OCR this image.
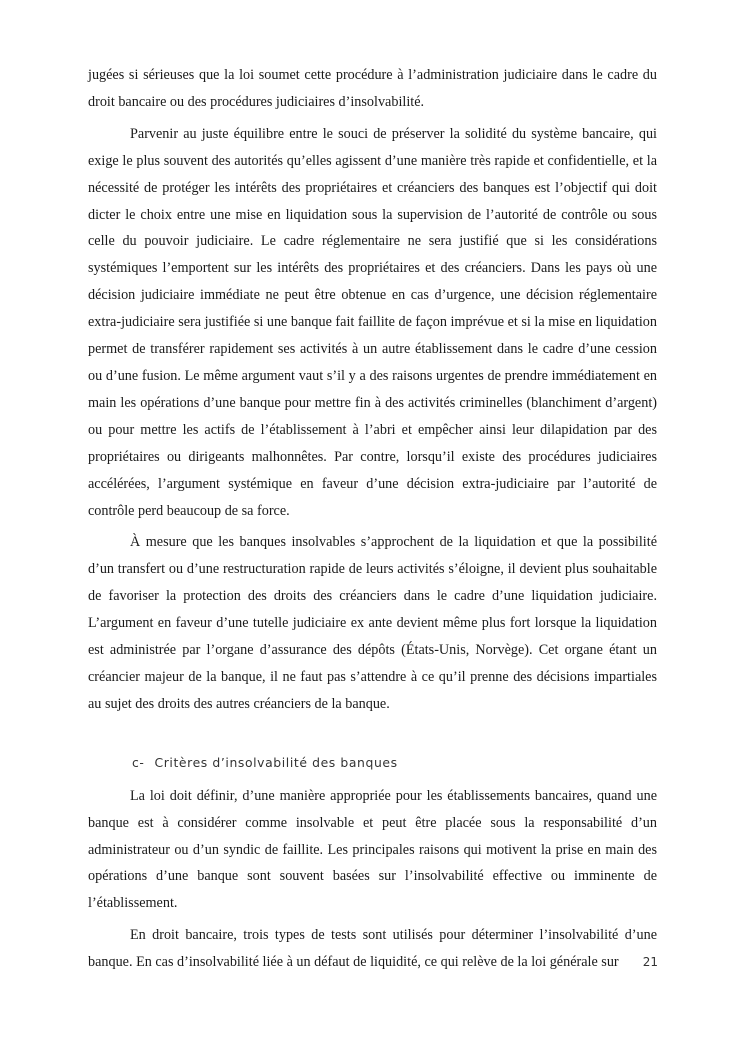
jugées si sérieuses que la loi soumet cette procédure à l’administration judiciaire dans le cadre du droit bancaire ou des procédures judiciaires d’insolvabilité.

Parvenir au juste équilibre entre le souci de préserver la solidité du système bancaire, qui exige le plus souvent des autorités qu’elles agissent d’une manière très rapide et confidentielle, et la nécessité de protéger les intérêts des propriétaires et créanciers des banques est l’objectif qui doit dicter le choix entre une mise en liquidation sous la supervision de l’autorité de contrôle ou sous celle du pouvoir judiciaire. Le cadre réglementaire ne sera justifié que si les considérations systémiques l’emportent sur les intérêts des propriétaires et des créanciers. Dans les pays où une décision judiciaire immédiate ne peut être obtenue en cas d’urgence, une décision réglementaire extra-judiciaire sera justifiée si une banque fait faillite de façon imprévue et si la mise en liquidation permet de transférer rapidement ses activités à un autre établissement dans le cadre d’une cession ou d’une fusion. Le même argument vaut s’il y a des raisons urgentes de prendre immédiatement en main les opérations d’une banque pour mettre fin à des activités criminelles (blanchiment d’argent) ou pour mettre les actifs de l’établissement à l’abri et empêcher ainsi leur dilapidation par des propriétaires ou dirigeants malhonnêtes. Par contre, lorsqu’il existe des procédures judiciaires accélérées, l’argument systémique en faveur d’une décision extra-judiciaire par l’autorité de contrôle perd beaucoup de sa force.

À mesure que les banques insolvables s’approchent de la liquidation et que la possibilité d’un transfert ou d’une restructuration rapide de leurs activités s’éloigne, il devient plus souhaitable de favoriser la protection des droits des créanciers dans le cadre d’une liquidation judiciaire. L’argument en faveur d’une tutelle judiciaire ex ante devient même plus fort lorsque la liquidation est administrée par l’organe d’assurance des dépôts (États-Unis, Norvège). Cet organe étant un créancier majeur de la banque, il ne faut pas s’attendre à ce qu’il prenne des décisions impartiales au sujet des droits des autres créanciers de la banque.

c- Critères d’insolvabilité des banques

La loi doit définir, d’une manière appropriée pour les établissements bancaires, quand une banque est à considérer comme insolvable et peut être placée sous la responsabilité d’un administrateur ou d’un syndic de faillite. Les principales raisons qui motivent la prise en main des opérations d’une banque sont souvent basées sur l’insolvabilité effective ou imminente de l’établissement.

En droit bancaire, trois types de tests sont utilisés pour déterminer l’insolvabilité d’une banque. En cas d’insolvabilité liée à un défaut de liquidité, ce qui relève de la loi générale sur	21
